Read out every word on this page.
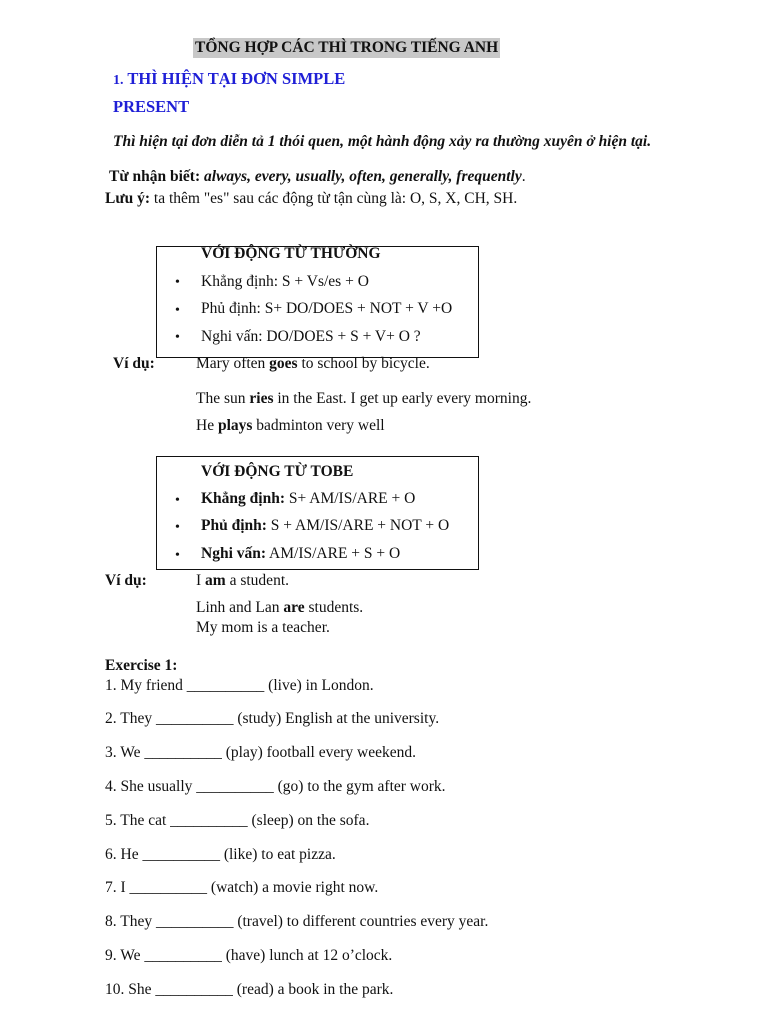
TỔNG HỢP CÁC THÌ TRONG TIẾNG ANH
1. THÌ HIỆN TẠI ĐƠN SIMPLE
PRESENT
Thì hiện tại đơn diễn tả 1 thói quen, một hành động xảy ra thường xuyên ở hiện tại.
Từ nhận biết: always, every, usually, often, generally, frequently.
Lưu ý: ta thêm "es" sau các động từ tận cùng là: O, S, X, CH, SH.
VỚI ĐỘNG TỪ THƯỜNG
• Khẳng định: S + Vs/es + O
• Phủ định: S+ DO/DOES + NOT + V +O
• Nghi vấn: DO/DOES + S + V+ O ?
Ví dụ:	Mary often goes to school by bicycle.
The sun ries in the East. I get up early every morning.
He plays badminton very well
VỚI ĐỘNG TỪ TOBE
• Khẳng định: S+ AM/IS/ARE + O
• Phủ định: S + AM/IS/ARE + NOT + O
• Nghi vấn: AM/IS/ARE + S + O
Ví dụ:	I am a student.
Linh and Lan are students.
My mom is a teacher.
Exercise 1:
1. My friend __________ (live) in London.
2. They __________ (study) English at the university.
3. We __________ (play) football every weekend.
4. She usually __________ (go) to the gym after work.
5. The cat __________ (sleep) on the sofa.
6. He __________ (like) to eat pizza.
7. I __________ (watch) a movie right now.
8. They __________ (travel) to different countries every year.
9. We __________ (have) lunch at 12 o’clock.
10. She __________ (read) a book in the park.
